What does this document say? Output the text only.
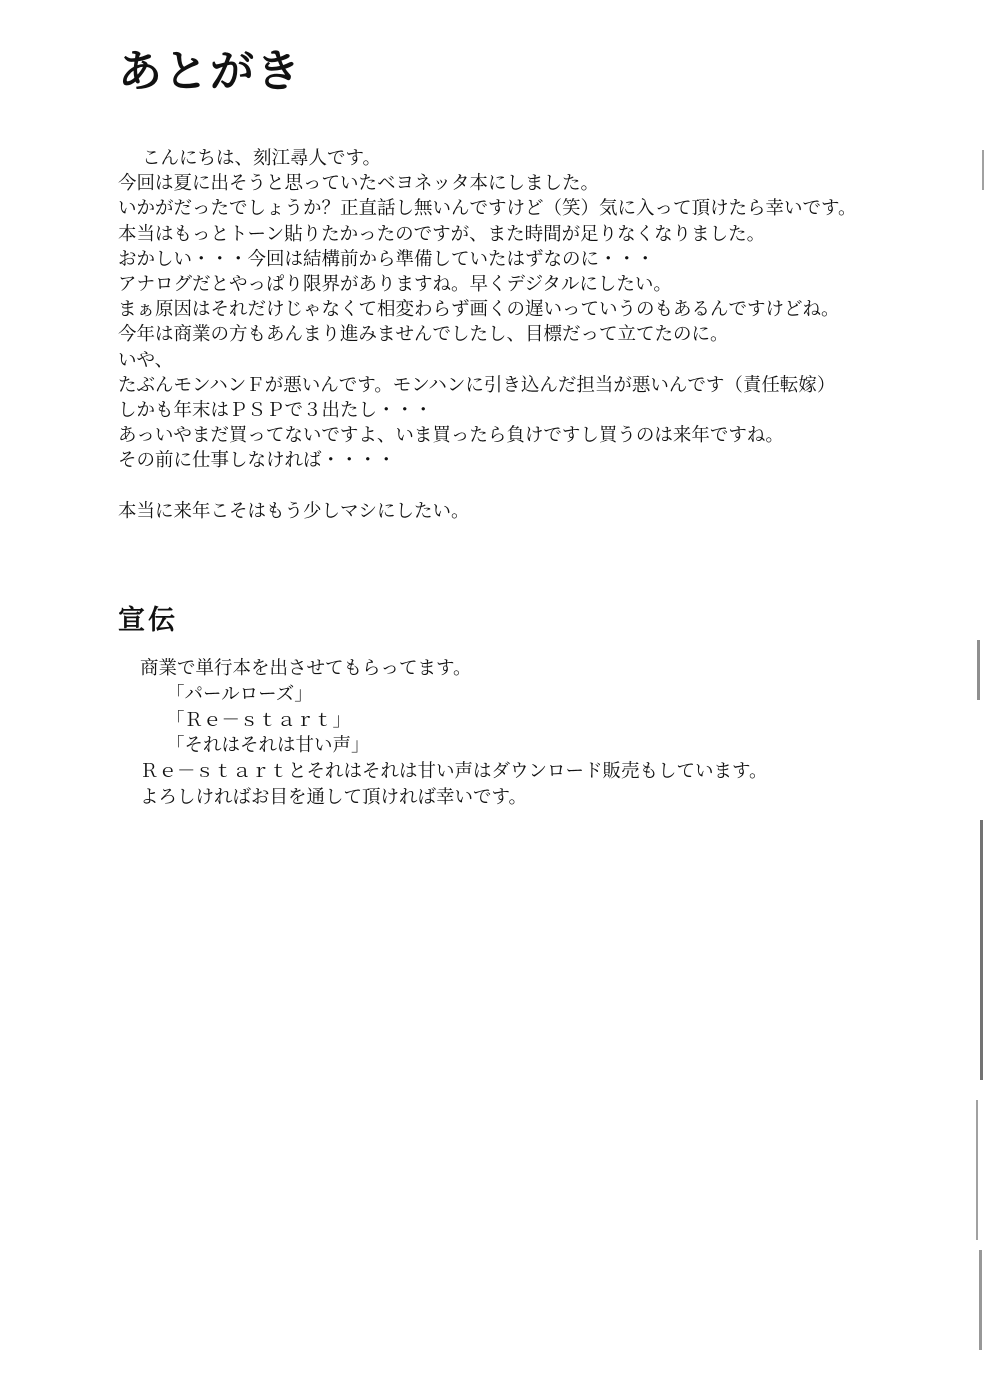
あとがき
こんにちは、刻江尋人です。
今回は夏に出そうと思っていたベヨネッタ本にしました。
いかがだったでしょうか？正直話し無いんですけど（笑）気に入って頂けたら幸いです。
本当はもっとトーン貼りたかったのですが、また時間が足りなくなりました。
おかしい・・・今回は結構前から準備していたはずなのに・・・
アナログだとやっぱり限界がありますね。早くデジタルにしたい。
まぁ原因はそれだけじゃなくて相変わらず画くの遅いっていうのもあるんですけどね。
今年は商業の方もあんまり進みませんでしたし、目標だって立てたのに。
いや、
たぶんモンハンＦが悪いんです。モンハンに引き込んだ担当が悪いんです（責任転嫁）
しかも年末はＰＳＰで３出たし・・・
あっいやまだ買ってないですよ、いま買ったら負けですし買うのは来年ですね。
その前に仕事しなければ・・・・
本当に来年こそはもう少しマシにしたい。
宣伝
商業で単行本を出させてもらってます。
「パールローズ」
「Ｒｅ－ｓｔａｒｔ」
「それはそれは甘い声」
Ｒｅ－ｓｔａｒｔとそれはそれは甘い声はダウンロード販売もしています。
よろしければお目を通して頂ければ幸いです。
